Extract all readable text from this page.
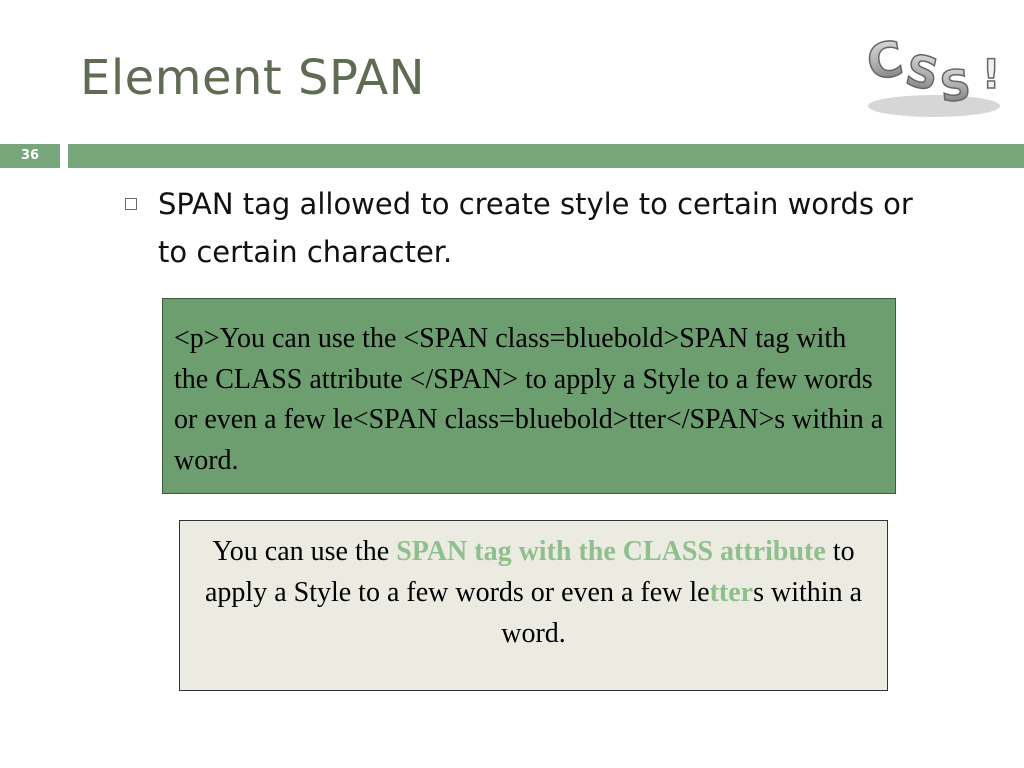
Element SPAN	C
S
S !
36
SPAN tag allowed to create style to certain words or to certain character.
<p>You can use the <SPAN class=bluebold>SPAN tag with the CLASS attribute </SPAN> to apply a Style to a few words or even a few le<SPAN class=bluebold>tter</SPAN>s within a word.
You can use the SPAN tag with the CLASS attribute to apply a Style to a few words or even a few letters within a word.
